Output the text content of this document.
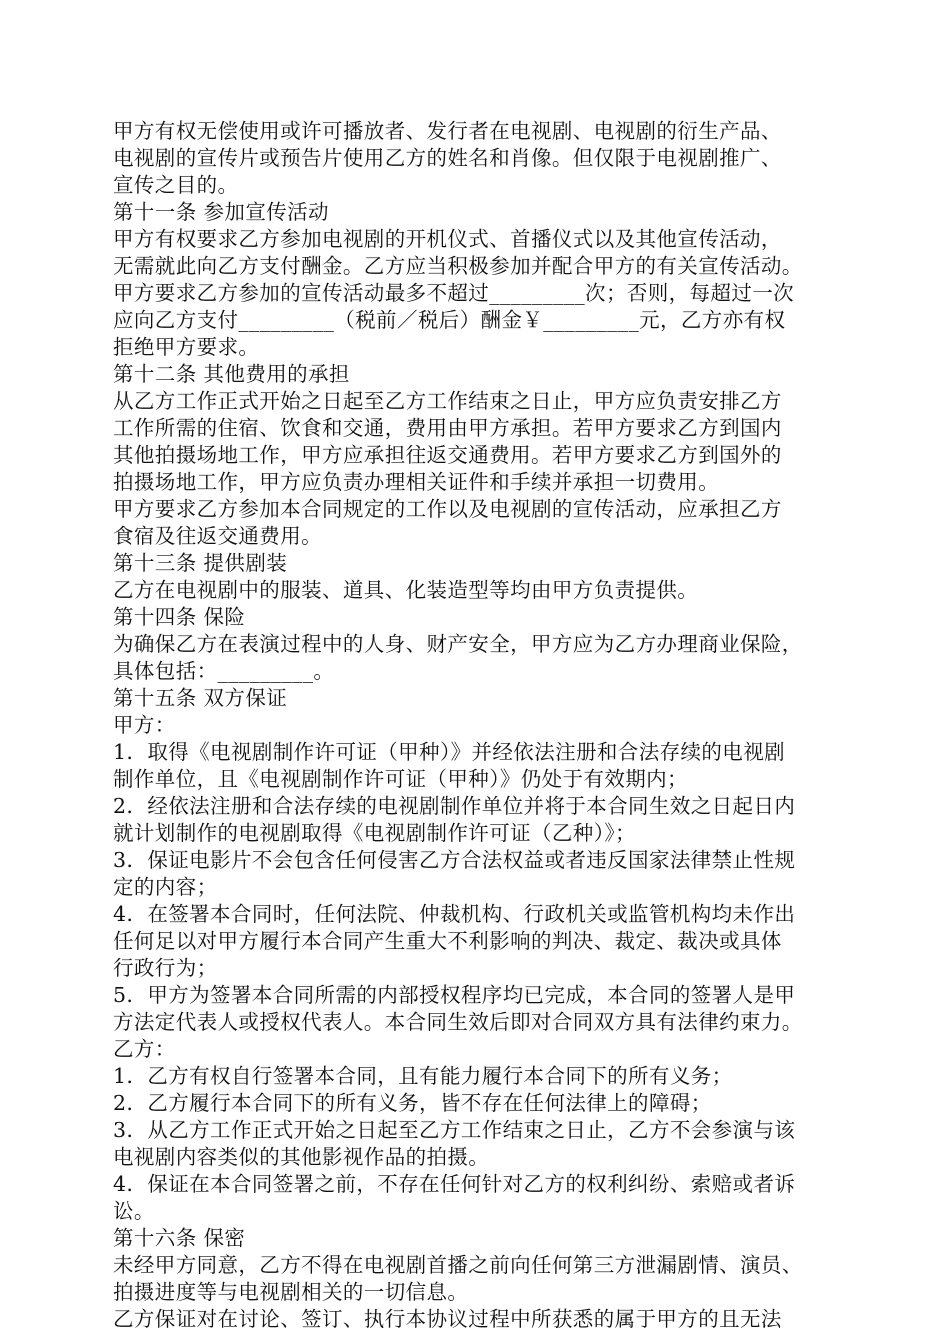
甲方有权无偿使用或许可播放者、发行者在电视剧、电视剧的衍生产品、
电视剧的宣传片或预告片使用乙方的姓名和肖像。但仅限于电视剧推广、
宣传之目的。
第十一条 参加宣传活动
甲方有权要求乙方参加电视剧的开机仪式、首播仪式以及其他宣传活动，
无需就此向乙方支付酬金。乙方应当积极参加并配合甲方的有关宣传活动。
甲方要求乙方参加的宣传活动最多不超过_________次；否则，每超过一次
应向乙方支付_________（税前／税后）酬金￥_________元，乙方亦有权
拒绝甲方要求。
第十二条 其他费用的承担
从乙方工作正式开始之日起至乙方工作结束之日止，甲方应负责安排乙方
工作所需的住宿、饮食和交通，费用由甲方承担。若甲方要求乙方到国内
其他拍摄场地工作，甲方应承担往返交通费用。若甲方要求乙方到国外的
拍摄场地工作，甲方应负责办理相关证件和手续并承担一切费用。
甲方要求乙方参加本合同规定的工作以及电视剧的宣传活动，应承担乙方
食宿及往返交通费用。
第十三条 提供剧装
乙方在电视剧中的服装、道具、化装造型等均由甲方负责提供。
第十四条 保险
为确保乙方在表演过程中的人身、财产安全，甲方应为乙方办理商业保险，
具体包括：_________。
第十五条 双方保证
甲方：
1．取得《电视剧制作许可证（甲种）》并经依法注册和合法存续的电视剧
制作单位，且《电视剧制作许可证（甲种）》仍处于有效期内；
2．经依法注册和合法存续的电视剧制作单位并将于本合同生效之日起日内
就计划制作的电视剧取得《电视剧制作许可证（乙种）》；
3．保证电影片不会包含任何侵害乙方合法权益或者违反国家法律禁止性规
定的内容；
4．在签署本合同时，任何法院、仲裁机构、行政机关或监管机构均未作出
任何足以对甲方履行本合同产生重大不利影响的判决、裁定、裁决或具体
行政行为；
5．甲方为签署本合同所需的内部授权程序均已完成，本合同的签署人是甲
方法定代表人或授权代表人。本合同生效后即对合同双方具有法律约束力。
乙方：
1．乙方有权自行签署本合同，且有能力履行本合同下的所有义务；
2．乙方履行本合同下的所有义务，皆不存在任何法律上的障碍；
3．从乙方工作正式开始之日起至乙方工作结束之日止，乙方不会参演与该
电视剧内容类似的其他影视作品的拍摄。
4．保证在本合同签署之前，不存在任何针对乙方的权利纠纷、索赔或者诉
讼。
第十六条 保密
未经甲方同意，乙方不得在电视剧首播之前向任何第三方泄漏剧情、演员、
拍摄进度等与电视剧相关的一切信息。
乙方保证对在讨论、签订、执行本协议过程中所获悉的属于甲方的且无法
